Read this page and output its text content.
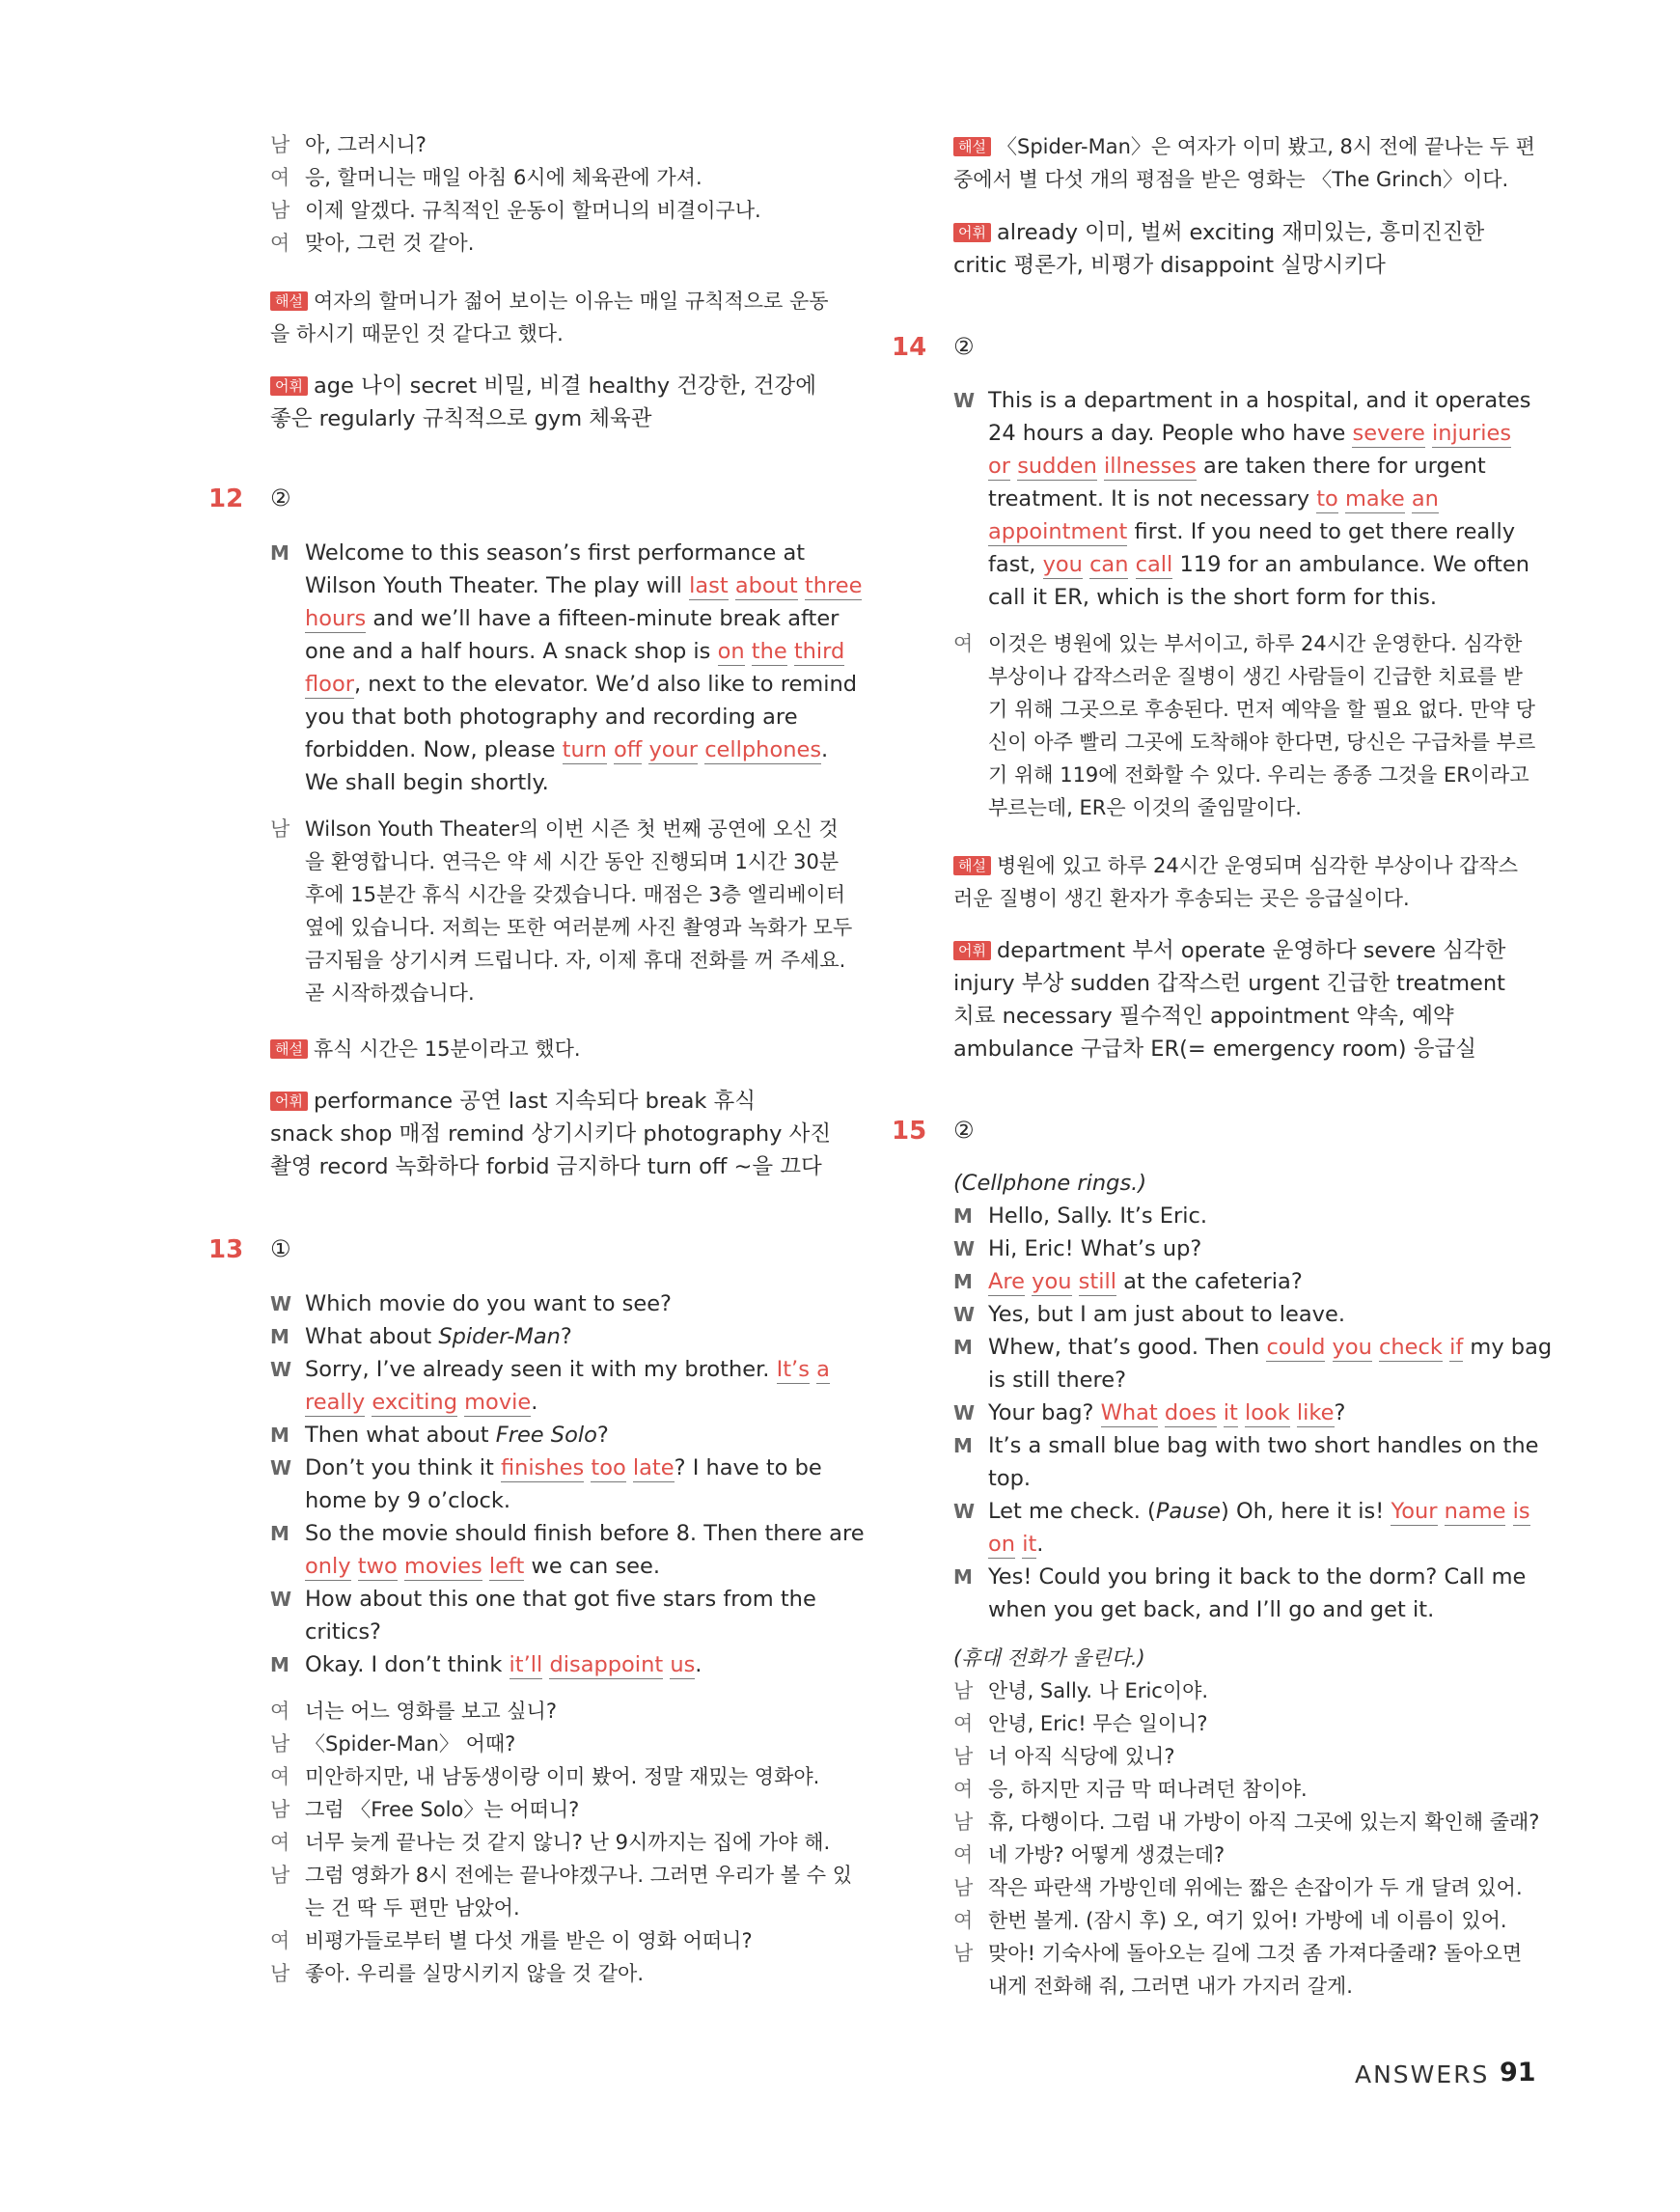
남 아, 그러시니?
여 응, 할머니는 매일 아침 6시에 체육관에 가셔.
남 이제 알겠다. 규칙적인 운동이 할머니의 비결이구나.
여 맞아, 그런 것 같아.
해설 여자의 할머니가 젊어 보이는 이유는 매일 규칙적으로 운동
을 하시기 때문인 것 같다고 했다.
어휘 age 나이 secret 비밀, 비결 healthy 건강한, 건강에
좋은 regularly 규칙적으로 gym 체육관
12 ②
M Welcome to this season’s first performance at
Wilson Youth Theater. The play will last about three
hours and we’ll have a fifteen-minute break after
one and a half hours. A snack shop is on the third
floor, next to the elevator. We’d also like to remind
you that both photography and recording are
forbidden. Now, please turn off your cellphones.
We shall begin shortly.
남 Wilson Youth Theater의 이번 시즌 첫 번째 공연에 오신 것
을 환영합니다. 연극은 약 세 시간 동안 진행되며 1시간 30분
후에 15분간 휴식 시간을 갖겠습니다. 매점은 3층 엘리베이터
옆에 있습니다. 저희는 또한 여러분께 사진 촬영과 녹화가 모두
금지됨을 상기시켜 드립니다. 자, 이제 휴대 전화를 꺼 주세요.
곧 시작하겠습니다.
해설 휴식 시간은 15분이라고 했다.
어휘 performance 공연 last 지속되다 break 휴식
snack shop 매점 remind 상기시키다 photography 사진
촬영 record 녹화하다 forbid 금지하다 turn off ~을 끄다
13 ①
W Which movie do you want to see?
M What about Spider-Man?
W Sorry, I’ve already seen it with my brother. It’s a
really exciting movie.
M Then what about Free Solo?
W Don’t you think it finishes too late? I have to be
home by 9 o’clock.
M So the movie should finish before 8. Then there are
only two movies left we can see.
W How about this one that got five stars from the
critics?
M Okay. I don’t think it’ll disappoint us.
여 너는 어느 영화를 보고 싶니?
남 〈Spider-Man〉 어때?
여 미안하지만, 내 남동생이랑 이미 봤어. 정말 재밌는 영화야.
남 그럼 〈Free Solo〉는 어떠니?
여 너무 늦게 끝나는 것 같지 않니? 난 9시까지는 집에 가야 해.
남 그럼 영화가 8시 전에는 끝나야겠구나. 그러면 우리가 볼 수 있
는 건 딱 두 편만 남았어.
여 비평가들로부터 별 다섯 개를 받은 이 영화 어떠니?
남 좋아. 우리를 실망시키지 않을 것 같아.
해설 〈Spider-Man〉은 여자가 이미 봤고, 8시 전에 끝나는 두 편
중에서 별 다섯 개의 평점을 받은 영화는 〈The Grinch〉이다.
어휘 already 이미, 벌써 exciting 재미있는, 흥미진진한
critic 평론가, 비평가 disappoint 실망시키다
14 ②
W This is a department in a hospital, and it operates
24 hours a day. People who have severe injuries
or sudden illnesses are taken there for urgent
treatment. It is not necessary to make an
appointment first. If you need to get there really
fast, you can call 119 for an ambulance. We often
call it ER, which is the short form for this.
여 이것은 병원에 있는 부서이고, 하루 24시간 운영한다. 심각한
부상이나 갑작스러운 질병이 생긴 사람들이 긴급한 치료를 받
기 위해 그곳으로 후송된다. 먼저 예약을 할 필요 없다. 만약 당
신이 아주 빨리 그곳에 도착해야 한다면, 당신은 구급차를 부르
기 위해 119에 전화할 수 있다. 우리는 종종 그것을 ER이라고
부르는데, ER은 이것의 줄임말이다.
해설 병원에 있고 하루 24시간 운영되며 심각한 부상이나 갑작스
러운 질병이 생긴 환자가 후송되는 곳은 응급실이다.
어휘 department 부서 operate 운영하다 severe 심각한
injury 부상 sudden 갑작스런 urgent 긴급한 treatment
치료 necessary 필수적인 appointment 약속, 예약
ambulance 구급차 ER(= emergency room) 응급실
15 ②
(Cellphone rings.)
M Hello, Sally. It’s Eric.
W Hi, Eric! What’s up?
M Are you still at the cafeteria?
W Yes, but I am just about to leave.
M Whew, that’s good. Then could you check if my bag
is still there?
W Your bag? What does it look like?
M It’s a small blue bag with two short handles on the
top.
W Let me check. (Pause) Oh, here it is! Your name is
on it.
M Yes! Could you bring it back to the dorm? Call me
when you get back, and I’ll go and get it.
(휴대 전화가 울린다.)
남 안녕, Sally. 나 Eric이야.
여 안녕, Eric! 무슨 일이니?
남 너 아직 식당에 있니?
여 응, 하지만 지금 막 떠나려던 참이야.
남 휴, 다행이다. 그럼 내 가방이 아직 그곳에 있는지 확인해 줄래?
여 네 가방? 어떻게 생겼는데?
남 작은 파란색 가방인데 위에는 짧은 손잡이가 두 개 달려 있어.
여 한번 볼게. (잠시 후) 오, 여기 있어! 가방에 네 이름이 있어.
남 맞아! 기숙사에 돌아오는 길에 그것 좀 가져다줄래? 돌아오면
내게 전화해 줘, 그러면 내가 가지러 갈게.
ANSWERS 91
